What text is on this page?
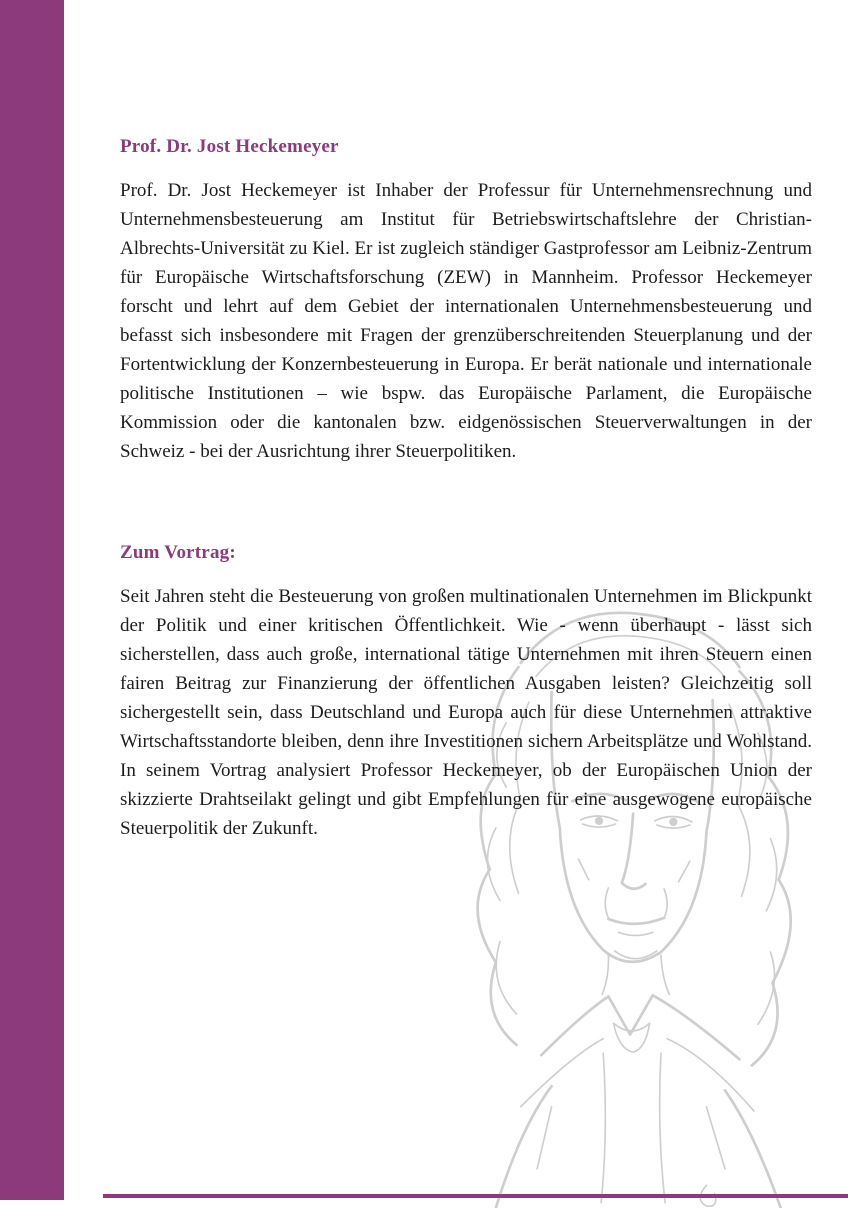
Prof. Dr. Jost Heckemeyer

Prof. Dr. Jost Heckemeyer ist Inhaber der Professur für Unternehmensrechnung und Unternehmensbesteuerung am Institut für Betriebswirtschaftslehre der Christian-Albrechts-Universität zu Kiel. Er ist zugleich ständiger Gastprofessor am Leibniz-Zentrum für Europäische Wirtschaftsforschung (ZEW) in Mannheim. Professor Heckemeyer forscht und lehrt auf dem Gebiet der internationalen Unternehmensbesteuerung und befasst sich insbesondere mit Fragen der grenzüberschreitenden Steuerplanung und der Fortentwicklung der Konzernbesteuerung in Europa. Er berät nationale und internationale politische Institutionen – wie bspw. das Europäische Parlament, die Europäische Kommission oder die kantonalen bzw. eidgenössischen Steuerverwaltungen in der Schweiz - bei der Ausrichtung ihrer Steuerpolitiken.

Zum Vortrag:

Seit Jahren steht die Besteuerung von großen multinationalen Unternehmen im Blickpunkt der Politik und einer kritischen Öffentlichkeit. Wie - wenn überhaupt - lässt sich sicherstellen, dass auch große, international tätige Unternehmen mit ihren Steuern einen fairen Beitrag zur Finanzierung der öffentlichen Ausgaben leisten? Gleichzeitig soll sichergestellt sein, dass Deutschland und Europa auch für diese Unternehmen attraktive Wirtschaftsstandorte bleiben, denn ihre Investitionen sichern Arbeitsplätze und Wohlstand. In seinem Vortrag analysiert Professor Heckemeyer, ob der Europäischen Union der skizzierte Drahtseilakt gelingt und gibt Empfehlungen für eine ausgewogene europäische Steuerpolitik der Zukunft.
